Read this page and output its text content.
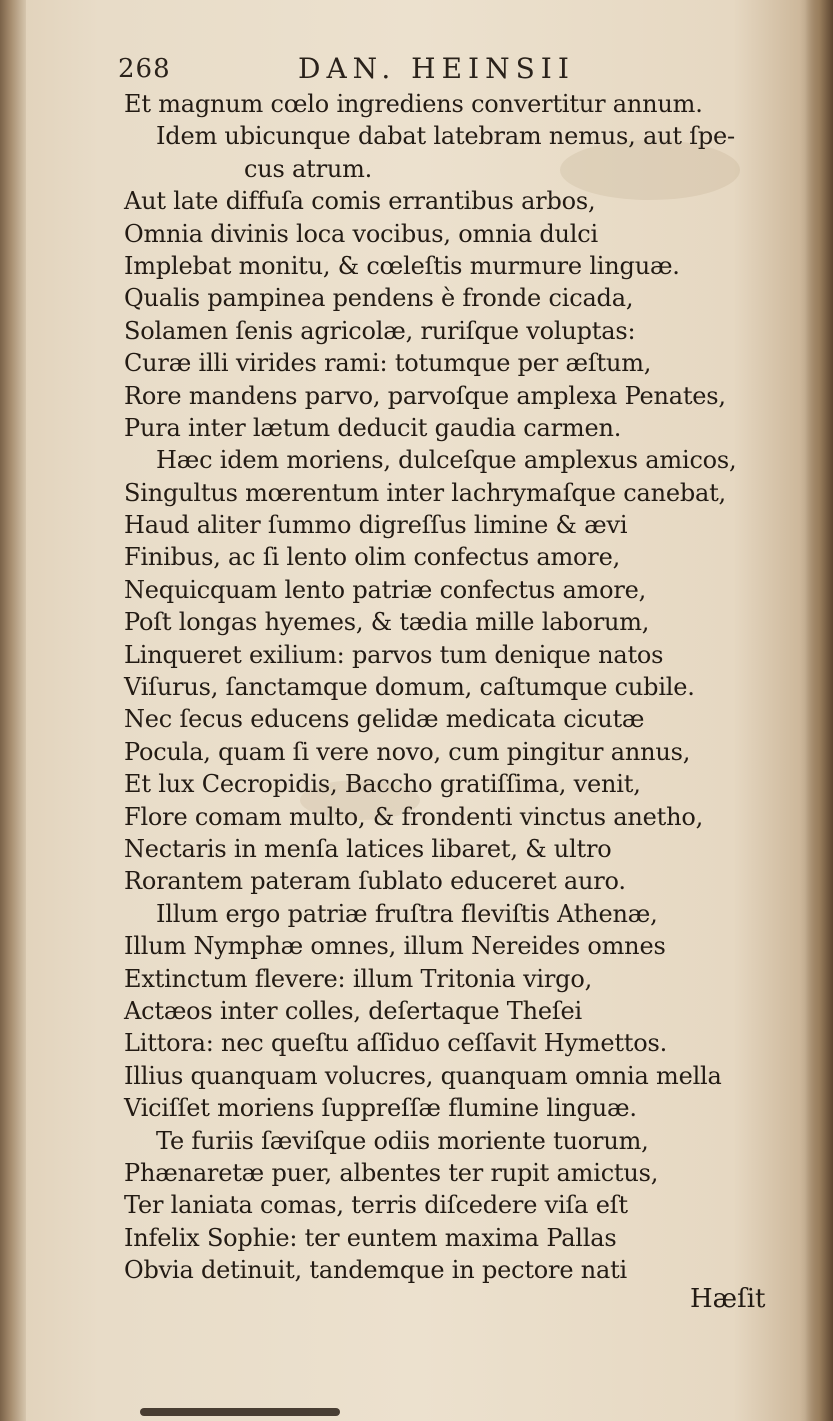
268	DAN. HEINSII
Et magnum cœlo ingrediens convertitur annum.
Idem ubicunque dabat latebram nemus, aut ſpe-
cus atrum.
Aut late diffuſa comis errantibus arbos,
Omnia divinis loca vocibus, omnia dulci
Implebat monitu, & cœleſtis murmure linguæ.
Qualis pampinea pendens è fronde cicada,
Solamen ſenis agricolæ, ruriſque voluptas:
Curæ illi virides rami: totumque per æſtum,
Rore mandens parvo, parvoſque amplexa Penates,
Pura inter lætum deducit gaudia carmen.
Hæc idem moriens, dulceſque amplexus amicos,
Singultus mœrentum inter lachrymaſque canebat,
Haud aliter ſummo digreſſus limine & ævi
Finibus, ac ſi lento olim confectus amore,
Nequicquam lento patriæ confectus amore,
Poſt longas hyemes, & tædia mille laborum,
Linqueret exilium: parvos tum denique natos
Viſurus, ſanctamque domum, caſtumque cubile.
Nec ſecus educens gelidæ medicata cicutæ
Pocula, quam ſi vere novo, cum pingitur annus,
Et lux Cecropidis, Baccho gratiſſima, venit,
Flore comam multo, & frondenti vinctus anetho,
Nectaris in menſa latices libaret, & ultro
Rorantem pateram ſublato educeret auro.
Illum ergo patriæ fruſtra fleviſtis Athenæ,
Illum Nymphæ omnes, illum Nereides omnes
Extinctum flevere: illum Tritonia virgo,
Actæos inter colles, deſertaque Theſei
Littora: nec queſtu aſſiduo ceſſavit Hymettos.
Illius quanquam volucres, quanquam omnia mella
Viciſſet moriens ſuppreſſæ flumine linguæ.
Te furiis ſæviſque odiis moriente tuorum,
Phænaretæ puer, albentes ter rupit amictus,
Ter laniata comas, terris diſcedere viſa eſt
Infelix Sophie: ter euntem maxima Pallas
Obvia detinuit, tandemque in pectore nati
Hæſit
